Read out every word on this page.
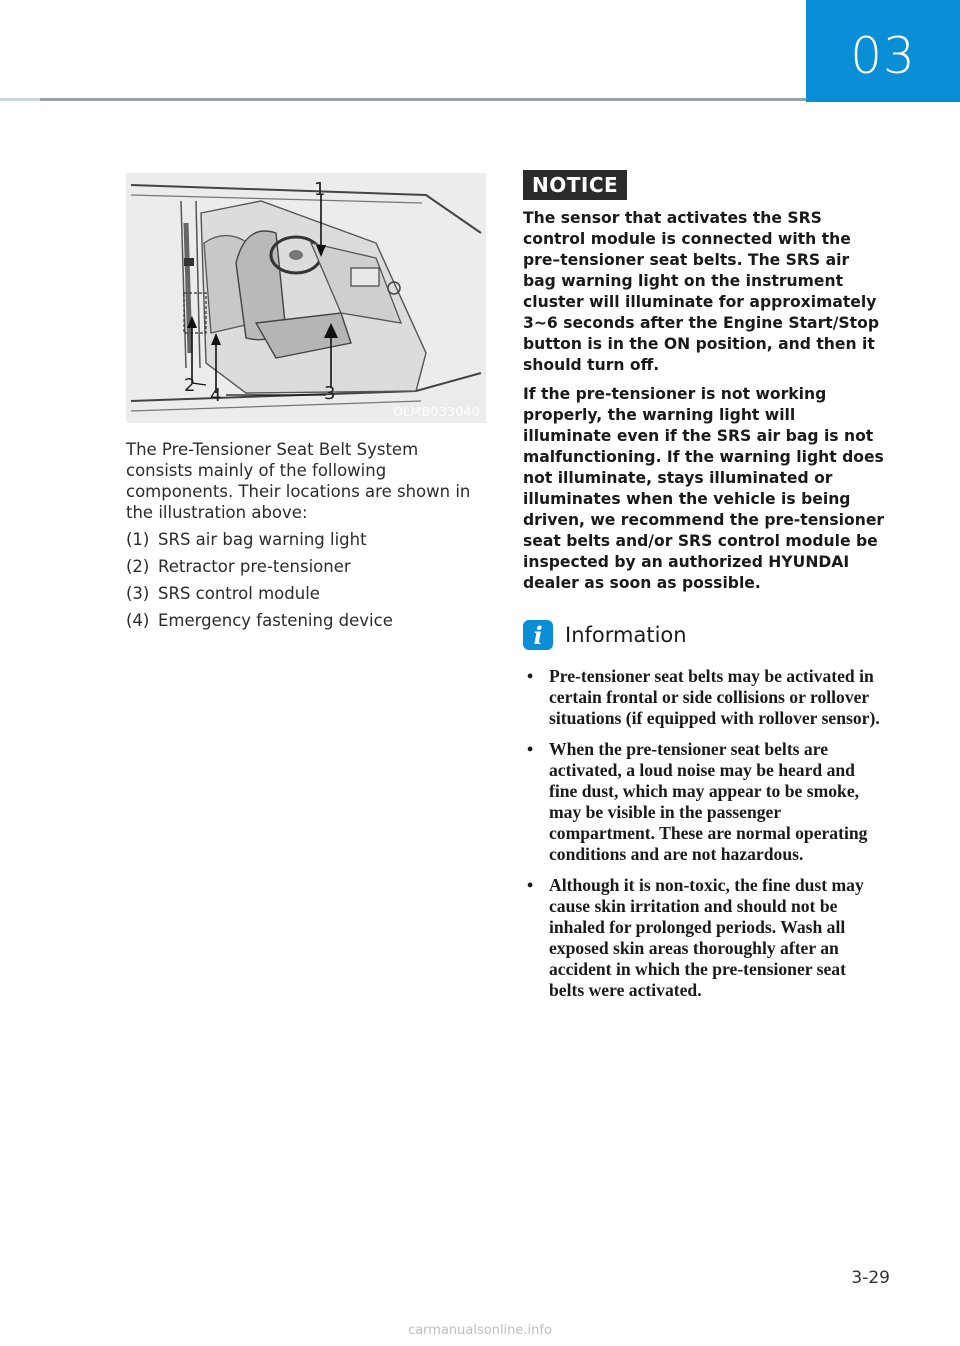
03
1
2	3
4
OLMB033040

The Pre-Tensioner Seat Belt System consists mainly of the following components. Their locations are shown in the illustration above:

(1) SRS air bag warning light
(2) Retractor pre-tensioner
(3) SRS control module
(4) Emergency fastening device
NOTICE

The sensor that activates the SRS control module is connected with the pre–tensioner seat belts. The SRS air bag warning light on the instrument cluster will illuminate for approximately 3~6 seconds after the Engine Start/Stop button is in the ON position, and then it should turn off.

If the pre-tensioner is not working properly, the warning light will illuminate even if the SRS air bag is not malfunctioning. If the warning light does not illuminate, stays illuminated or illuminates when the vehicle is being driven, we recommend the pre-tensioner seat belts and/or SRS control module be inspected by an authorized HYUNDAI dealer as soon as possible.

i	Information
• Pre-tensioner seat belts may be activated in certain frontal or side collisions or rollover situations (if equipped with rollover sensor).
• When the pre-tensioner seat belts are activated, a loud noise may be heard and fine dust, which may appear to be smoke, may be visible in the passenger compartment. These are normal operating conditions and are not hazardous.
• Although it is non-toxic, the fine dust may cause skin irritation and should not be inhaled for prolonged periods. Wash all exposed skin areas thoroughly after an accident in which the pre-tensioner seat belts were activated.
3-29
carmanualsonline.info
